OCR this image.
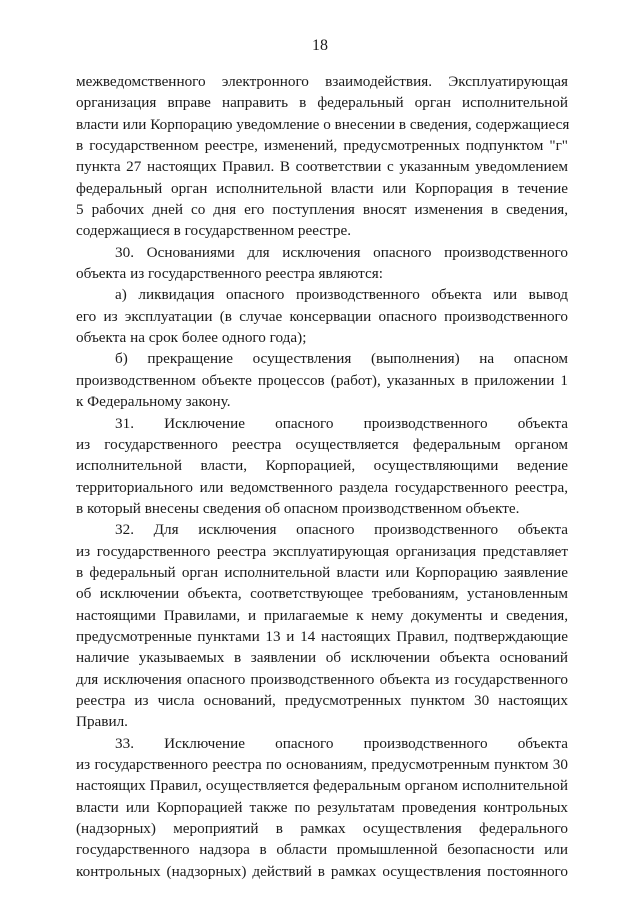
18
межведомственного электронного взаимодействия. Эксплуатирующая
организация вправе направить в федеральный орган исполнительной
власти или Корпорацию уведомление о внесении в сведения, содержащиеся
в государственном реестре, изменений, предусмотренных подпунктом "г"
пункта 27 настоящих Правил. В соответствии с указанным уведомлением
федеральный орган исполнительной власти или Корпорация в течение
5 рабочих дней со дня его поступления вносят изменения в сведения,
содержащиеся в государственном реестре.
30. Основаниями для исключения опасного производственного
объекта из государственного реестра являются:
а) ликвидация опасного производственного объекта или вывод
его из эксплуатации (в случае консервации опасного производственного
объекта на срок более одного года);
б) прекращение осуществления (выполнения) на опасном
производственном объекте процессов (работ), указанных в приложении 1
к Федеральному закону.
31. Исключение опасного производственного объекта
из государственного реестра осуществляется федеральным органом
исполнительной власти, Корпорацией, осуществляющими ведение
территориального или ведомственного раздела государственного реестра,
в который внесены сведения об опасном производственном объекте.
32. Для исключения опасного производственного объекта
из государственного реестра эксплуатирующая организация представляет
в федеральный орган исполнительной власти или Корпорацию заявление
об исключении объекта, соответствующее требованиям, установленным
настоящими Правилами, и прилагаемые к нему документы и сведения,
предусмотренные пунктами 13 и 14 настоящих Правил, подтверждающие
наличие указываемых в заявлении об исключении объекта оснований
для исключения опасного производственного объекта из государственного
реестра из числа оснований, предусмотренных пунктом 30 настоящих
Правил.
33. Исключение опасного производственного объекта
из государственного реестра по основаниям, предусмотренным пунктом 30
настоящих Правил, осуществляется федеральным органом исполнительной
власти или Корпорацией также по результатам проведения контрольных
(надзорных) мероприятий в рамках осуществления федерального
государственного надзора в области промышленной безопасности или
контрольных (надзорных) действий в рамках осуществления постоянного
